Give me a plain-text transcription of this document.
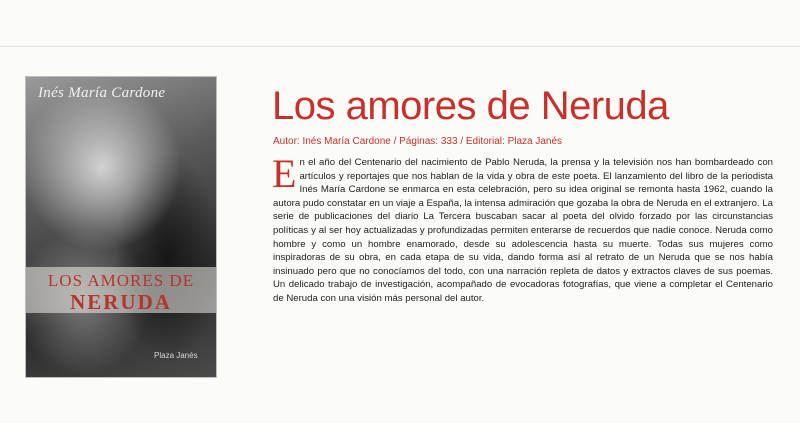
Inés María Cardone
LOS AMORES DE
NERUDA
Plaza Janés
Los amores de Neruda
Autor: Inés María Cardone / Páginas: 333 / Editorial: Plaza Janés

En el año del Centenario del nacimiento de Pablo Neruda, la prensa y la televisión nos han bombardeado con artículos y reportajes que nos hablan de la vida y obra de este poeta. El lanzamiento del libro de la periodista Inés María Cardone se enmarca en esta celebración, pero su idea original se remonta hasta 1962, cuando la autora pudo constatar en un viaje a España, la intensa admiración que gozaba la obra de Neruda en el extranjero. La serie de publicaciones del diario La Tercera buscaban sacar al poeta del olvido forzado por las circunstancias políticas y al ser hoy actualizadas y profundizadas permiten enterarse de recuerdos que nadie conoce. Neruda como hombre y como un hombre enamorado, desde su adolescencia hasta su muerte. Todas sus mujeres como inspiradoras de su obra, en cada etapa de su vida, dando forma así al retrato de un Neruda que se nos había insinuado pero que no conocíamos del todo, con una narración repleta de datos y extractos claves de sus poemas. Un delicado trabajo de investigación, acompañado de evocadoras fotografías, que viene a completar el Centenario de Neruda con una visión más personal del autor.
